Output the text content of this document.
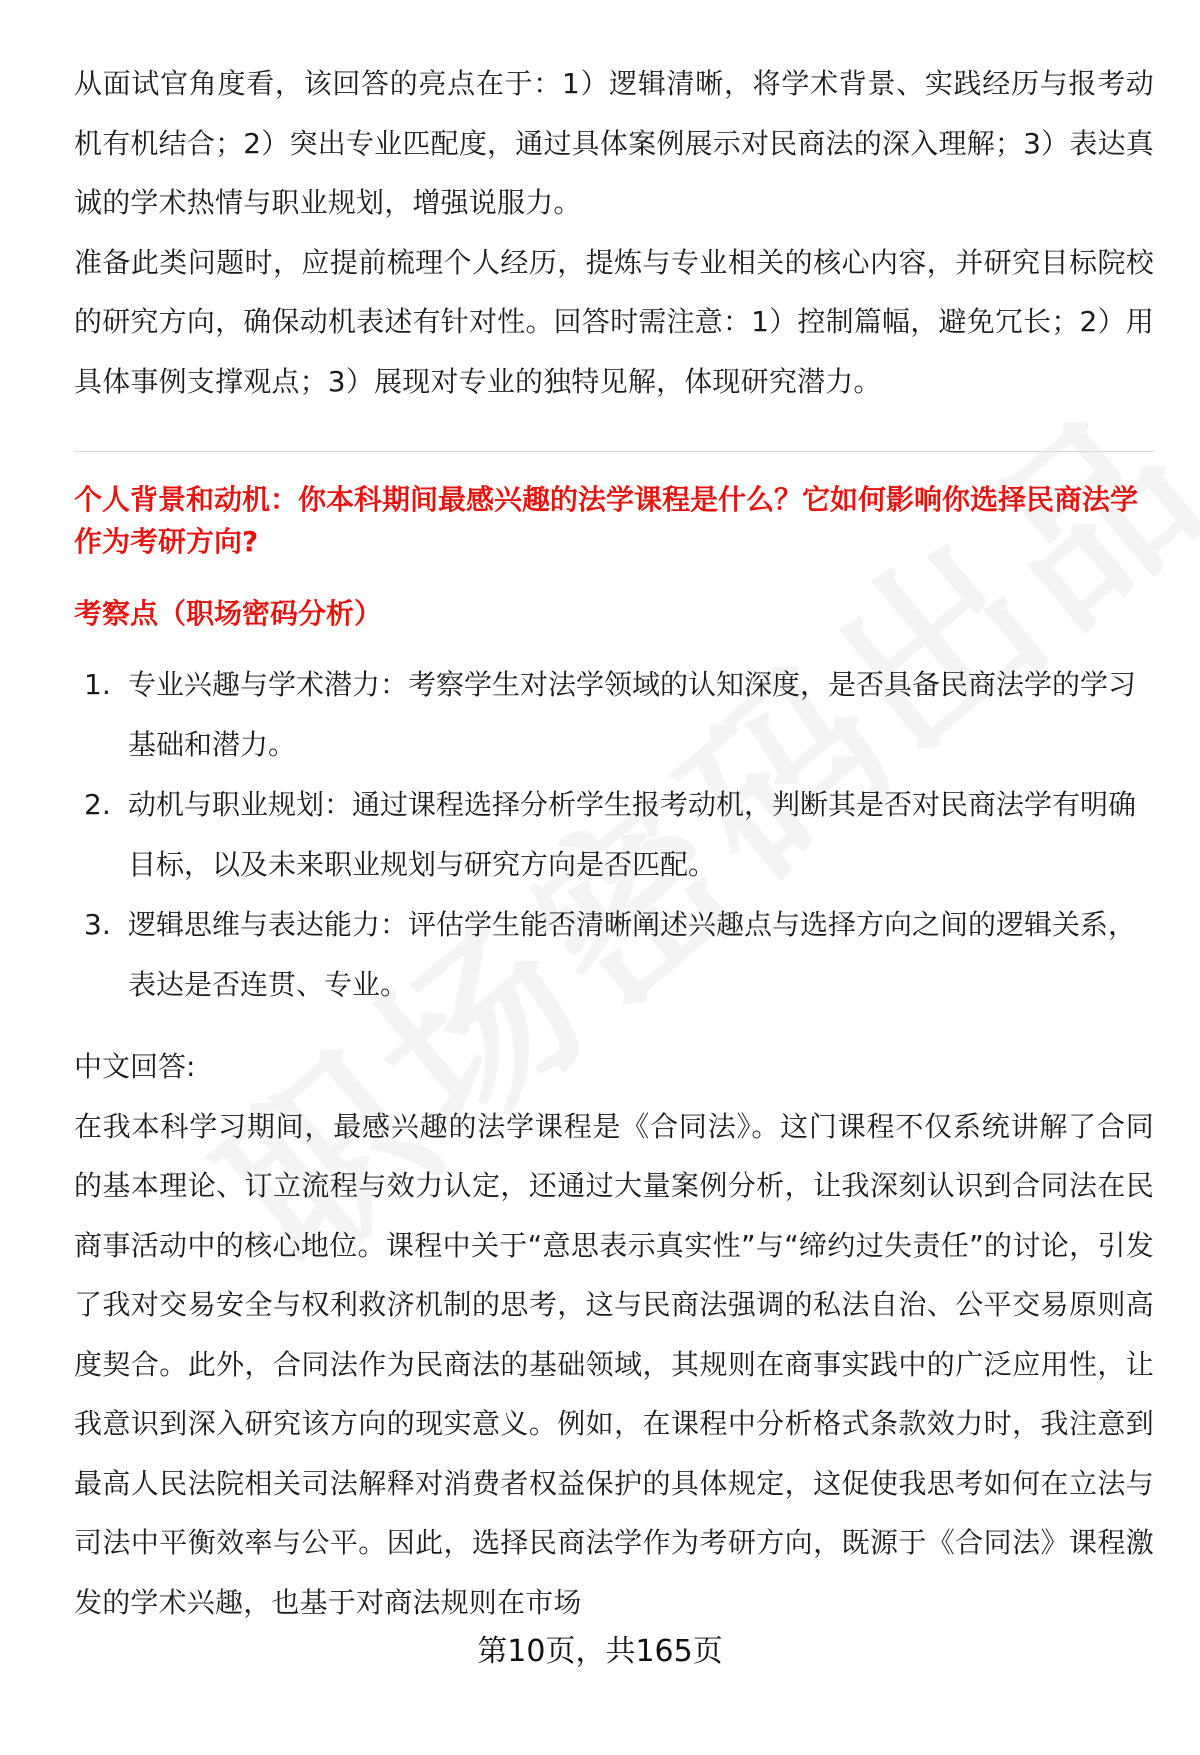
从面试官角度看，该回答的亮点在于：1）逻辑清晰，将学术背景、实践经历与报考动机有机结合；2）突出专业匹配度，通过具体案例展示对民商法的深入理解；3）表达真诚的学术热情与职业规划，增强说服力。

准备此类问题时，应提前梳理个人经历，提炼与专业相关的核心内容，并研究目标院校的研究方向，确保动机表述有针对性。回答时需注意：1）控制篇幅，避免冗长；2）用具体事例支撑观点；3）展现对专业的独特见解，体现研究潜力。

个人背景和动机：你本科期间最感兴趣的法学课程是什么？它如何影响你选择民商法学作为考研方向?

考察点（职场密码分析）

1. 专业兴趣与学术潜力：考察学生对法学领域的认知深度，是否具备民商法学的学习基础和潜力。
2. 动机与职业规划：通过课程选择分析学生报考动机，判断其是否对民商法学有明确目标，以及未来职业规划与研究方向是否匹配。
3. 逻辑思维与表达能力：评估学生能否清晰阐述兴趣点与选择方向之间的逻辑关系，表达是否连贯、专业。

中文回答:

在我本科学习期间，最感兴趣的法学课程是《合同法》。这门课程不仅系统讲解了合同的基本理论、订立流程与效力认定，还通过大量案例分析，让我深刻认识到合同法在民商事活动中的核心地位。课程中关于“意思表示真实性”与“缔约过失责任”的讨论，引发了我对交易安全与权利救济机制的思考，这与民商法强调的私法自治、公平交易原则高度契合。此外，合同法作为民商法的基础领域，其规则在商事实践中的广泛应用性，让我意识到深入研究该方向的现实意义。例如，在课程中分析格式条款效力时，我注意到最高人民法院相关司法解释对消费者权益保护的具体规定，这促使我思考如何在立法与司法中平衡效率与公平。因此，选择民商法学作为考研方向，既源于《合同法》课程激发的学术兴趣，也基于对商法规则在市场

第10页，共165页
